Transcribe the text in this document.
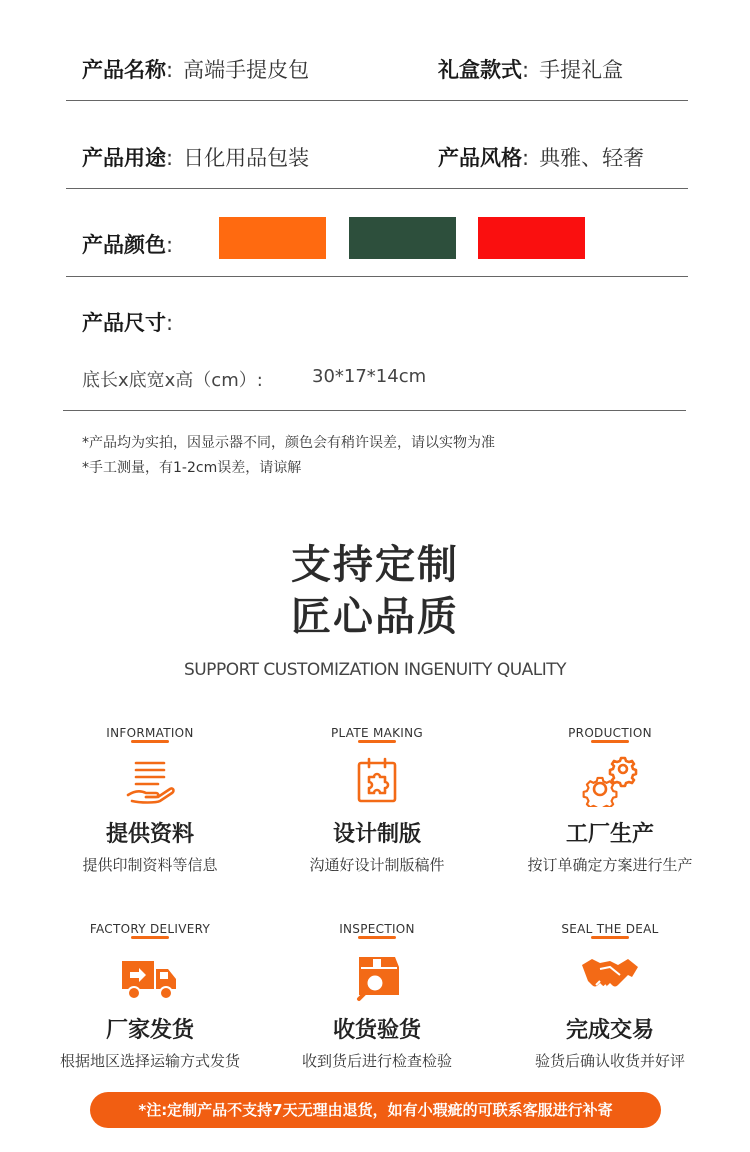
产品名称: 高端手提皮包	礼盒款式: 手提礼盒
产品用途: 日化用品包装	产品风格: 典雅、轻奢
产品颜色:
产品尺寸:
底长x底宽x高（cm）:	30*17*14cm
*产品均为实拍，因显示器不同，颜色会有稍许误差，请以实物为准
*手工测量，有1-2cm误差，请谅解
支持定制
匠心品质
SUPPORT CUSTOMIZATION INGENUITY QUALITY
INFORMATION
提供资料
提供印制资料等信息
PLATE MAKING
设计制版
沟通好设计制版稿件
PRODUCTION
工厂生产
按订单确定方案进行生产
FACTORY DELIVERY
厂家发货
根据地区选择运输方式发货
INSPECTION
收货验货
收到货后进行检查检验
SEAL THE DEAL
完成交易
验货后确认收货并好评
*注:定制产品不支持7天无理由退货，如有小瑕疵的可联系客服进行补寄
